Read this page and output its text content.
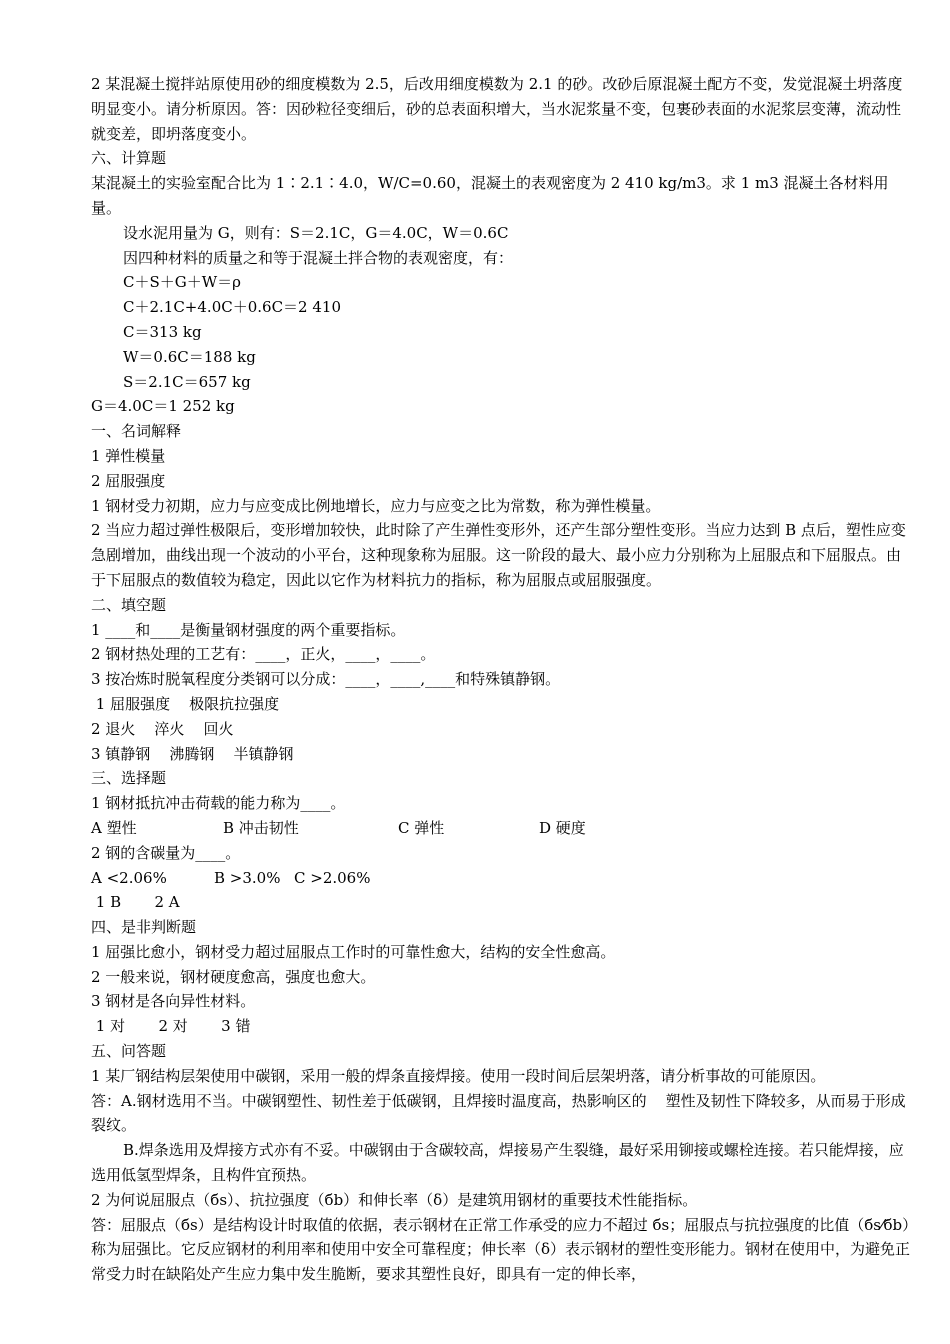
2 某混凝土搅拌站原使用砂的细度模数为 2.5，后改用细度模数为 2.1 的砂。改砂后原混凝土配方不变，发觉混凝土坍落度明显变小。请分析原因。答：因砂粒径变细后，砂的总表面积增大，当水泥浆量不变，包裹砂表面的水泥浆层变薄，流动性就变差，即坍落度变小。

六、计算题

某混凝土的实验室配合比为 1∶2.1∶4.0，W/C=0.60，混凝土的表观密度为 2 410 kg/m3。求 1 m3 混凝土各材料用量。

设水泥用量为 G，则有：S＝2.1C，G＝4.0C，W＝0.6C

因四种材料的质量之和等于混凝土拌合物的表观密度，有：

C＋S＋G＋W＝ρ

C＋2.1C+4.0C＋0.6C＝2 410

C＝313 kg

W＝0.6C＝188 kg

S＝2.1C＝657 kg

G＝4.0C＝1 252 kg

一、名词解释

1 弹性模量

2 屈服强度

1 钢材受力初期，应力与应变成比例地增长，应力与应变之比为常数，称为弹性模量。

2 当应力超过弹性极限后，变形增加较快，此时除了产生弹性变形外，还产生部分塑性变形。当应力达到 B 点后，塑性应变急剧增加，曲线出现一个波动的小平台，这种现象称为屈服。这一阶段的最大、最小应力分别称为上屈服点和下屈服点。由于下屈服点的数值较为稳定，因此以它作为材料抗力的指标，称为屈服点或屈服强度。

二、填空题

1 ____和____是衡量钢材强度的两个重要指标。

2 钢材热处理的工艺有：____，正火，____，____。

3 按冶炼时脱氧程度分类钢可以分成：____，____,____和特殊镇静钢。

1 屈服强度    极限抗拉强度

2 退火    淬火    回火

3 镇静钢    沸腾钢    半镇静钢

三、选择题

1 钢材抵抗冲击荷载的能力称为____。

A 塑性	B 冲击韧性	C 弹性	D 硬度

2 钢的含碳量为____。

A <2.06%	B >3.0% C >2.06%

1 B       2 A

四、是非判断题

1 屈强比愈小，钢材受力超过屈服点工作时的可靠性愈大，结构的安全性愈高。

2 一般来说，钢材硬度愈高，强度也愈大。

3 钢材是各向异性材料。

1 对       2 对       3 错

五、问答题

1 某厂钢结构层架使用中碳钢，采用一般的焊条直接焊接。使用一段时间后层架坍落，请分析事故的可能原因。

答：A.钢材选用不当。中碳钢塑性、韧性差于低碳钢，且焊接时温度高，热影响区的    塑性及韧性下降较多，从而易于形成裂纹。

B.焊条选用及焊接方式亦有不妥。中碳钢由于含碳较高，焊接易产生裂缝，最好采用铆接或螺栓连接。若只能焊接，应选用低氢型焊条，且构件宜预热。

2 为何说屈服点（бs）、抗拉强度（бb）和伸长率（δ）是建筑用钢材的重要技术性能指标。

答：屈服点（бs）是结构设计时取值的依据，表示钢材在正常工作承受的应力不超过 бs；屈服点与抗拉强度的比值（бs⁄бb）称为屈强比。它反应钢材的利用率和使用中安全可靠程度；伸长率（δ）表示钢材的塑性变形能力。钢材在使用中，为避免正常受力时在缺陷处产生应力集中发生脆断，要求其塑性良好，即具有一定的伸长率，
